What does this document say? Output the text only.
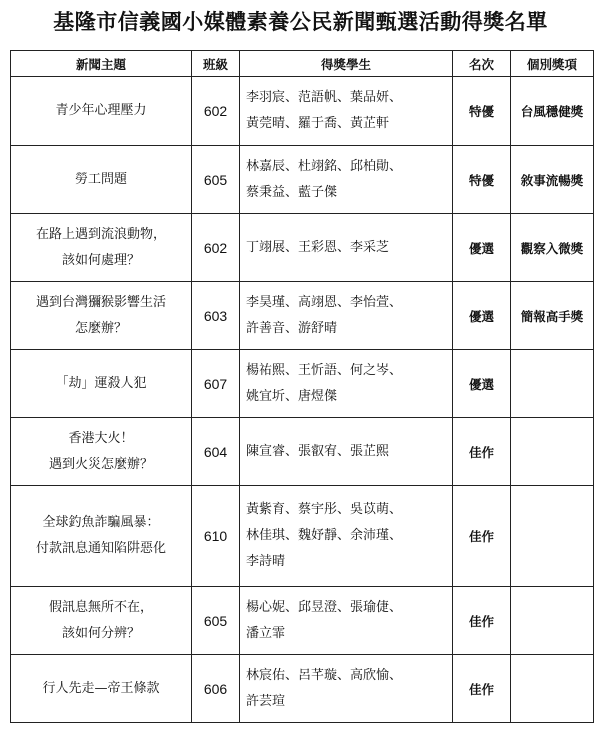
基隆市信義國小媒體素養公民新聞甄選活動得獎名單
新聞主題	班級	得獎學生	名次	個別獎項

青少年心理壓力	602	李羽宸、范語帆、葉品妍、
黃莞晴、羅于喬、黃芷軒	特優	台風穩健獎

勞工問題	605	林嘉辰、杜翊銘、邱柏勛、
蔡秉益、藍子傑	特優	敘事流暢獎

在路上遇到流浪動物，
該如何處理？	602	丁翊展、王彩恩、李采芝	優選	觀察入微獎

遇到台灣獼猴影響生活
怎麼辦？	603	李昊瑾、高翊恩、李怡萱、
許善音、游舒晴	優選	簡報高手獎

「劫」運殺人犯	607	楊祐熙、王忻語、何之岑、
姚宜圻、唐煜傑	優選	

香港大火！
遇到火災怎麼辦？	604	陳宣睿、張叡宥、張芷熙	佳作	

全球釣魚詐騙風暴：
付款訊息通知陷阱惡化	610	黃紫育、蔡宇彤、吳苡萌、
林佳琪、魏妤靜、余沛瑾、
李詩晴	佳作	

假訊息無所不在，
該如何分辨？	605	楊心妮、邱昱澄、張瑜倢、
潘立霏	佳作	

行人先走—帝王條款	606	林宸佑、呂芊璇、高欣愉、
許芸瑄	佳作	
